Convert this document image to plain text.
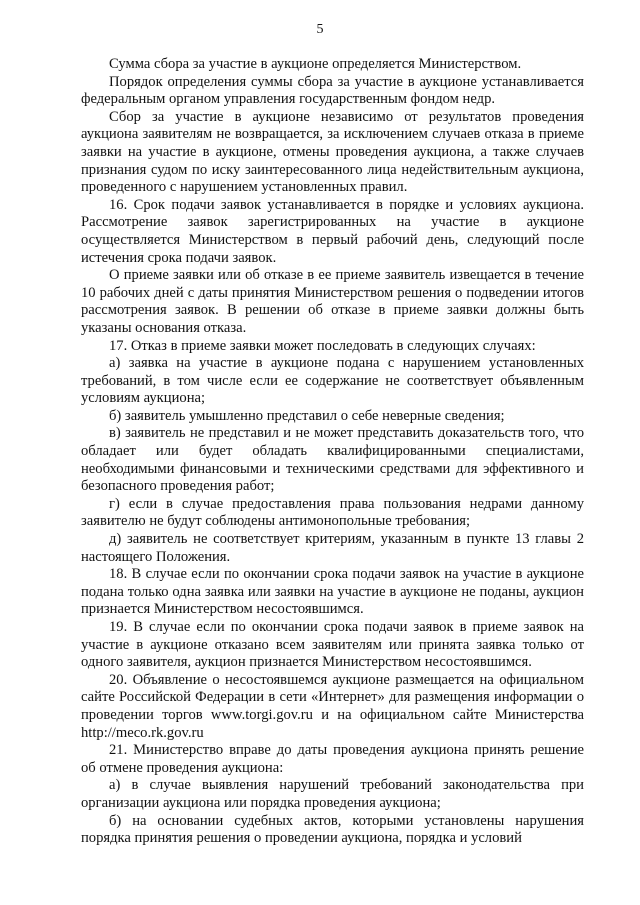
5

Сумма сбора за участие в аукционе определяется Министерством.

Порядок определения суммы сбора за участие в аукционе устанавливается федеральным органом управления государственным фондом недр.

Сбор за участие в аукционе независимо от результатов проведения аукциона заявителям не возвращается, за исключением случаев отказа в приеме заявки на участие в аукционе, отмены проведения аукциона, а также случаев признания судом по иску заинтересованного лица недействительным аукциона, проведенного с нарушением установленных правил.

16. Срок подачи заявок устанавливается в порядке и условиях аукциона. Рассмотрение заявок зарегистрированных на участие в аукционе осуществляется Министерством в первый рабочий день, следующий после истечения срока подачи заявок.

О приеме заявки или об отказе в ее приеме заявитель извещается в течение 10 рабочих дней с даты принятия Министерством решения о подведении итогов рассмотрения заявок. В решении об отказе в приеме заявки должны быть указаны основания отказа.

17. Отказ в приеме заявки может последовать в следующих случаях:

а) заявка на участие в аукционе подана с нарушением установленных требований, в том числе если ее содержание не соответствует объявленным условиям аукциона;

б) заявитель умышленно представил о себе неверные сведения;

в) заявитель не представил и не может представить доказательств того, что обладает или будет обладать квалифицированными специалистами, необходимыми финансовыми и техническими средствами для эффективного и безопасного проведения работ;

г) если в случае предоставления права пользования недрами данному заявителю не будут соблюдены антимонопольные требования;

д) заявитель не соответствует критериям, указанным в пункте 13 главы 2 настоящего Положения.

18. В случае если по окончании срока подачи заявок на участие в аукционе подана только одна заявка или заявки на участие в аукционе не поданы, аукцион признается Министерством несостоявшимся.

19. В случае если по окончании срока подачи заявок в приеме заявок на участие в аукционе отказано всем заявителям или принята заявка только от одного заявителя, аукцион признается Министерством несостоявшимся.

20. Объявление о несостоявшемся аукционе размещается на официальном сайте Российской Федерации в сети «Интернет» для размещения информации о проведении торгов www.torgi.gov.ru и на официальном сайте Министерства http://meco.rk.gov.ru

21. Министерство вправе до даты проведения аукциона принять решение об отмене проведения аукциона:

а) в случае выявления нарушений требований законодательства при организации аукциона или порядка проведения аукциона;

б) на основании судебных актов, которыми установлены нарушения порядка принятия решения о проведении аукциона, порядка и условий
